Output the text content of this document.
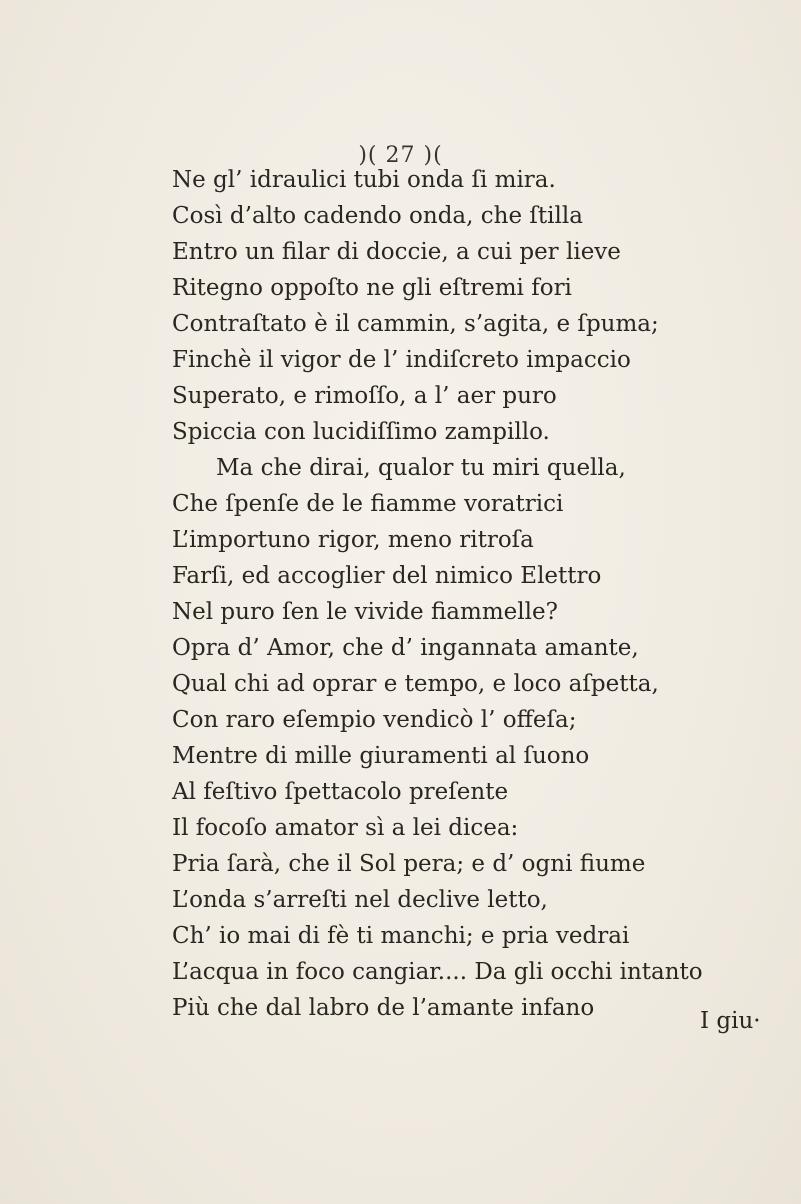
)( 27 )(
Ne gl’ idraulici tubi onda ſi mira.
Così d’alto cadendo onda, che ſtilla
Entro un filar di doccie, a cui per lieve
Ritegno oppoſto ne gli eſtremi fori
Contraſtato è il cammin, s’agita, e ſpuma;
Finchè il vigor de l’ indiſcreto impaccio
Superato, e rimoſſo, a l’ aer puro
Spiccia con lucidiſſimo zampillo.
Ma che dirai, qualor tu miri quella,
Che ſpenſe de le fiamme voratrici
L’importuno rigor, meno ritroſa
Farſi, ed accoglier del nimico Elettro
Nel puro ſen le vivide fiammelle?
Opra d’ Amor, che d’ ingannata amante,
Qual chi ad oprar e tempo, e loco aſpetta,
Con raro eſempio vendicò l’ offeſa;
Mentre di mille giuramenti al ſuono
Al feſtivo ſpettacolo preſente
Il focoſo amator sì a lei dicea:
Pria ſarà, che il Sol pera; e d’ ogni fiume
L’onda s’arreſti nel declive letto,
Ch’ io mai di fè ti manchi; e pria vedrai
L’acqua in foco cangiar.... Da gli occhi intanto
Più che dal labro de l’amante infano	I giu·
